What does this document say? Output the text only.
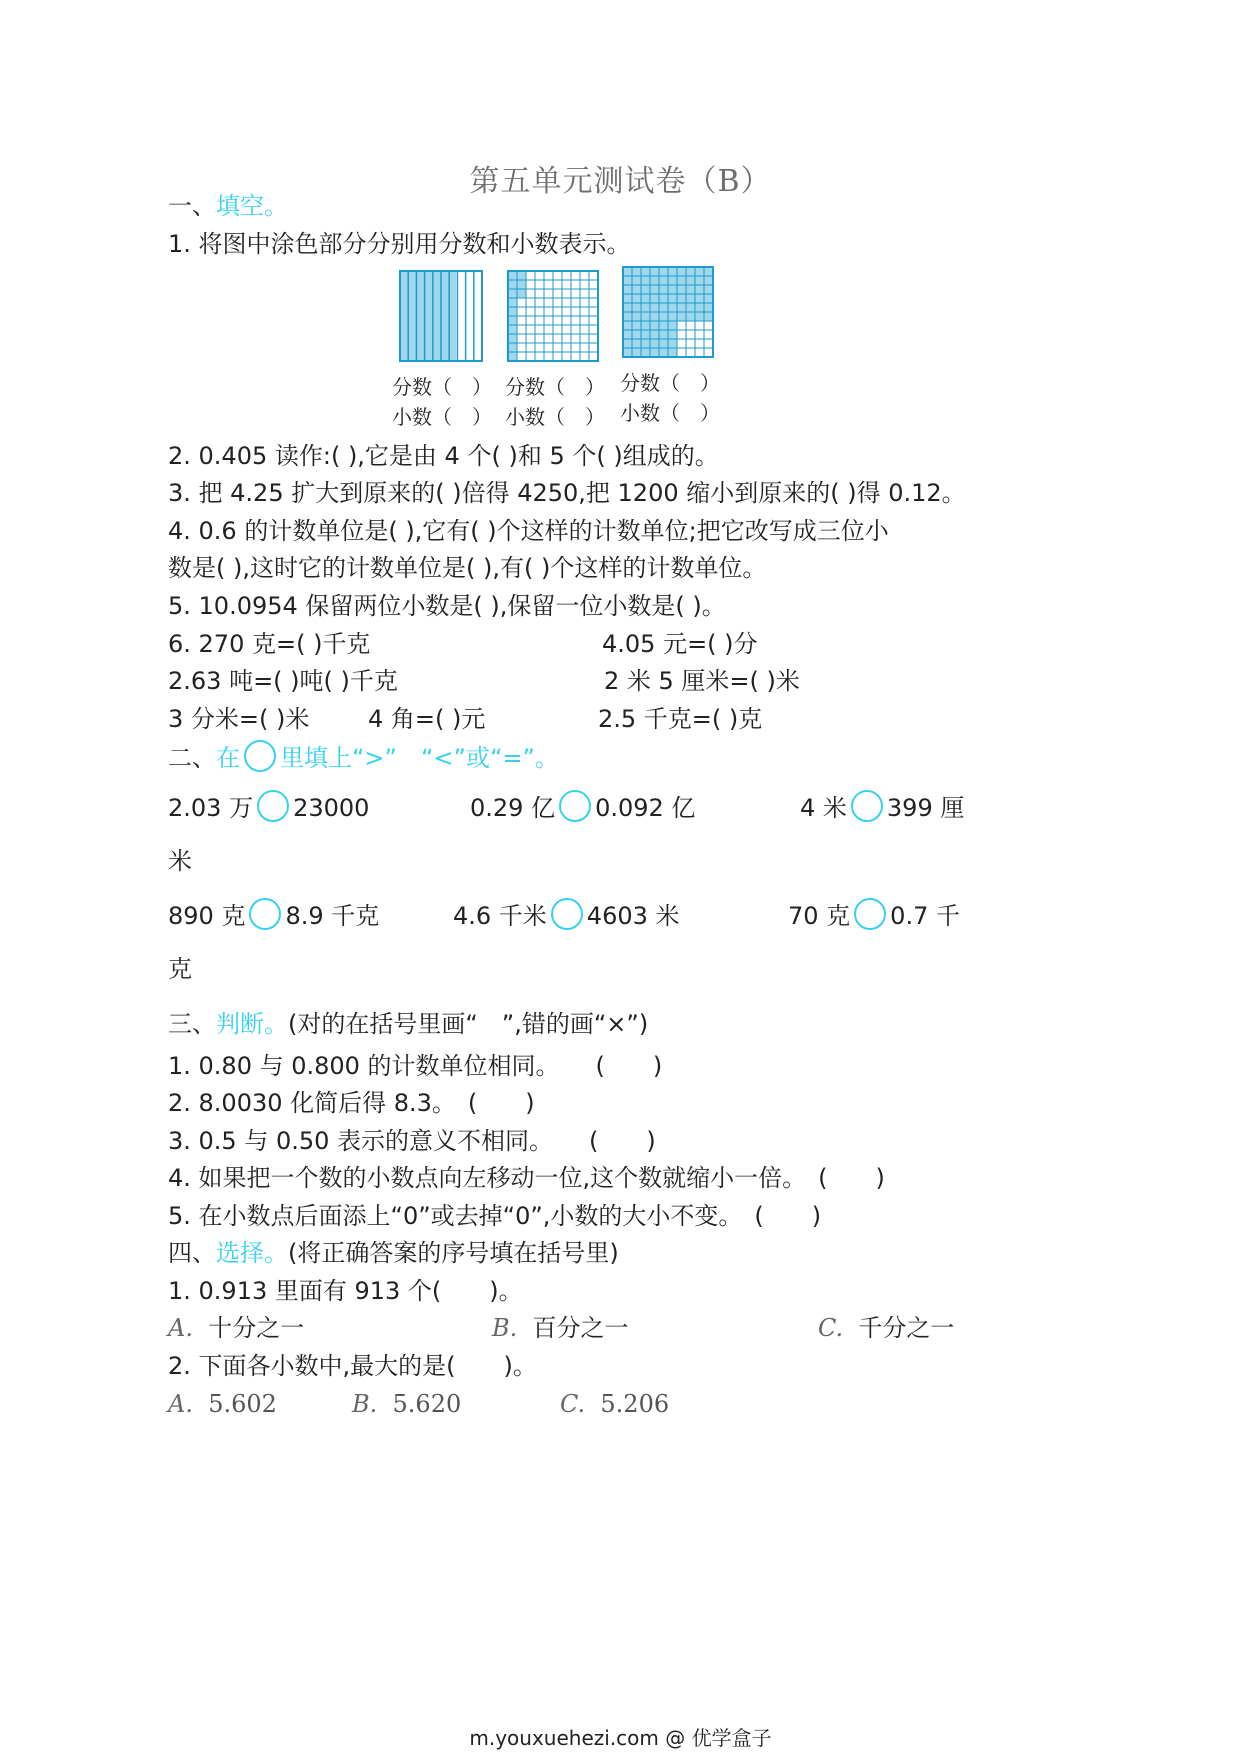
第五单元测试卷（B）
一、填空。
1. 将图中涂色部分分别用分数和小数表示。
分数（　）
小数（　）
分数（　）
小数（　）
分数（　）
小数（　）
2. 0.405 读作:( ),它是由 4 个( )和 5 个( )组成的。
3. 把 4.25 扩大到原来的( )倍得 4250,把 1200 缩小到原来的( )得 0.12。
4. 0.6 的计数单位是( ),它有( )个这样的计数单位;把它改写成三位小
数是( ),这时它的计数单位是( ),有( )个这样的计数单位。
5. 10.0954 保留两位小数是( ),保留一位小数是( )。
6. 270 克=( )千克	4.05 元=( )分
2.63 吨=( )吨( )千克	2 米 5 厘米=( )米
3 分米=( )米 4 角=( )元	2.5 千克=( )克
二、在 里填上“>”　“<”或“=”。
2.03 万 23000	0.29 亿 0.092 亿	4 米 399 厘
米
890 克 8.9 千克	4.6 千米 4603 米	70 克 0.7 千
克
三、判断。(对的在括号里画“　”,错的画“×”)
1. 0.80 与 0.800 的计数单位相同。　　(　　)
2. 8.0030 化简后得 8.3。　(　　)
3. 0.5 与 0.50 表示的意义不相同。　　(　　)
4. 如果把一个数的小数点向左移动一位,这个数就缩小一倍。　(　　)
5. 在小数点后面添上“0”或去掉“0”,小数的大小不变。　(　　)
四、选择。(将正确答案的序号填在括号里)
1. 0.913 里面有 913 个(　　)。
A. 十分之一	B. 百分之一	C. 千分之一
2. 下面各小数中,最大的是(　　)。
A. 5.602	B. 5.620	C. 5.206
m.youxuehezi.com @ 优学盒子
